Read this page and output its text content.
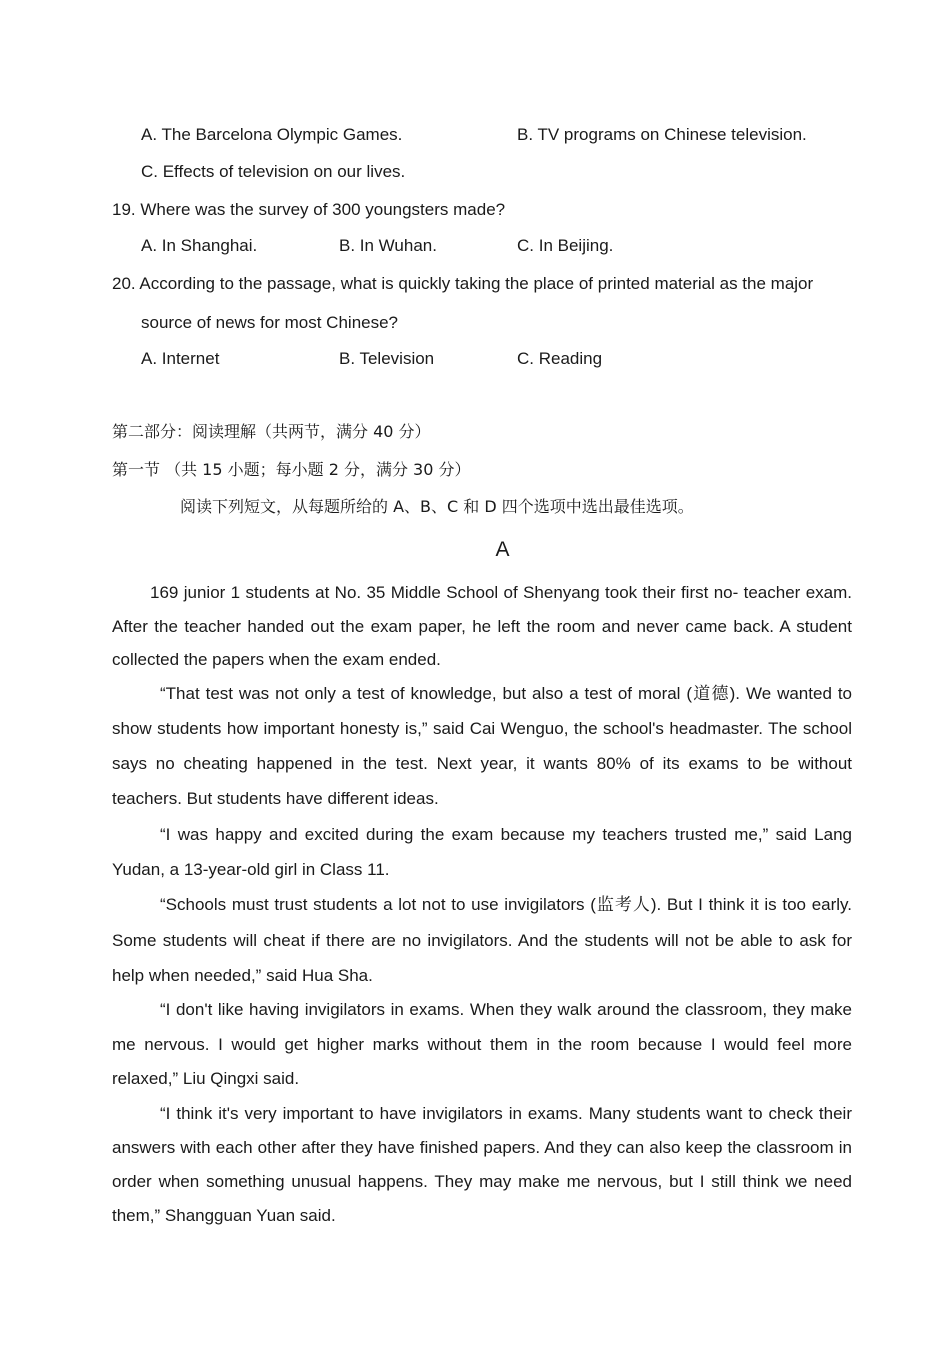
A. The Barcelona Olympic Games.	B. TV programs on Chinese television.
C. Effects of television on our lives.
19. Where was the survey of 300 youngsters made?
A. In Shanghai.	B. In Wuhan.	C. In Beijing.
20. According to the passage, what is quickly taking the place of printed material as the major
source of news for most Chinese?
A. Internet	B. Television	C. Reading
第二部分：阅读理解（共两节，满分 40 分）
第一节 （共 15 小题；每小题 2 分，满分 30 分）
阅读下列短文，从每题所给的 A、B、C 和 D 四个选项中选出最佳选项。
A
169 junior 1 students at No. 35 Middle School of Shenyang took their first no- teacher exam. After the teacher handed out the exam paper, he left the room and never came back. A student collected the papers when the exam ended.
“That test was not only a test of knowledge, but also a test of moral (道德). We wanted to show students how important honesty is,” said Cai Wenguo, the school's headmaster. The school says no cheating happened in the test. Next year, it wants 80% of its exams to be without teachers. But students have different ideas.
“I was happy and excited during the exam because my teachers trusted me,” said Lang Yudan, a 13-year-old girl in Class 11.
“Schools must trust students a lot not to use invigilators (监考人). But I think it is too early. Some students will cheat if there are no invigilators. And the students will not be able to ask for help when needed,” said Hua Sha.
“I don't like having invigilators in exams. When they walk around the classroom, they make me nervous. I would get higher marks without them in the room because I would feel more relaxed,” Liu Qingxi said.
“I think it's very important to have invigilators in exams. Many students want to check their answers with each other after they have finished papers. And they can also keep the classroom in order when something unusual happens. They may make me nervous, but I still think we need them,” Shangguan Yuan said.
